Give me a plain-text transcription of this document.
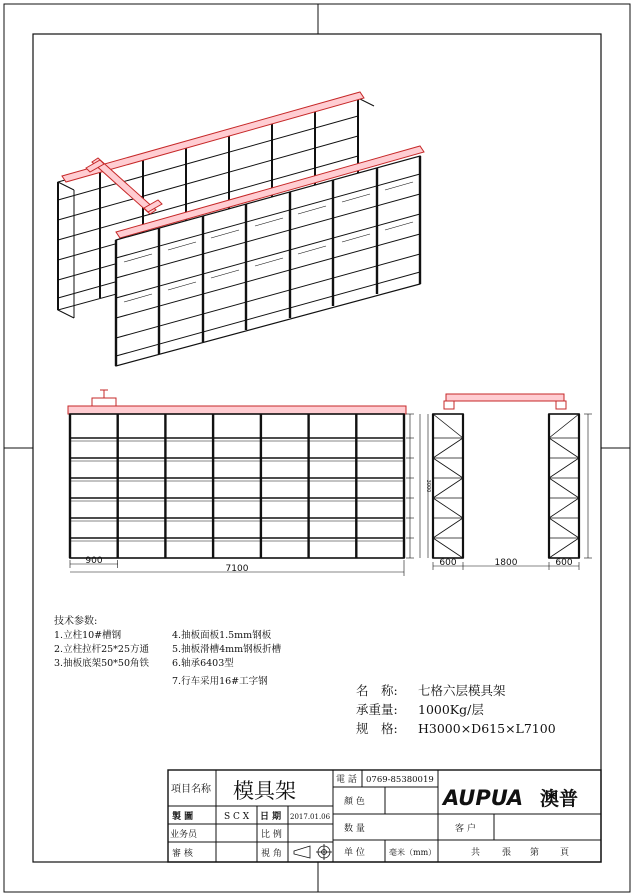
900
7100
3000
600	1800	600
技术参数:
1.立柱10#槽钢
2.立柱拉杆25*25方通
3.抽板底架50*50角铁
4.抽板面板1.5mm钢板
5.抽板滑槽4mm钢板折槽
6.轴承6403型
7.行车采用16#工字钢
名　称: 七格六层模具架
承重量: 1000Kg/层
规　格: H3000×D615×L7100
項目名称 模具架	電 話 0769-85380019
顏 色
製 圖	S C X 日 期 2017.01.06
业务员	比 例
数 量	客 户
審 核	視 角	单 位	毫米（mm）	共 張 第 頁
AUPUA 澳普
